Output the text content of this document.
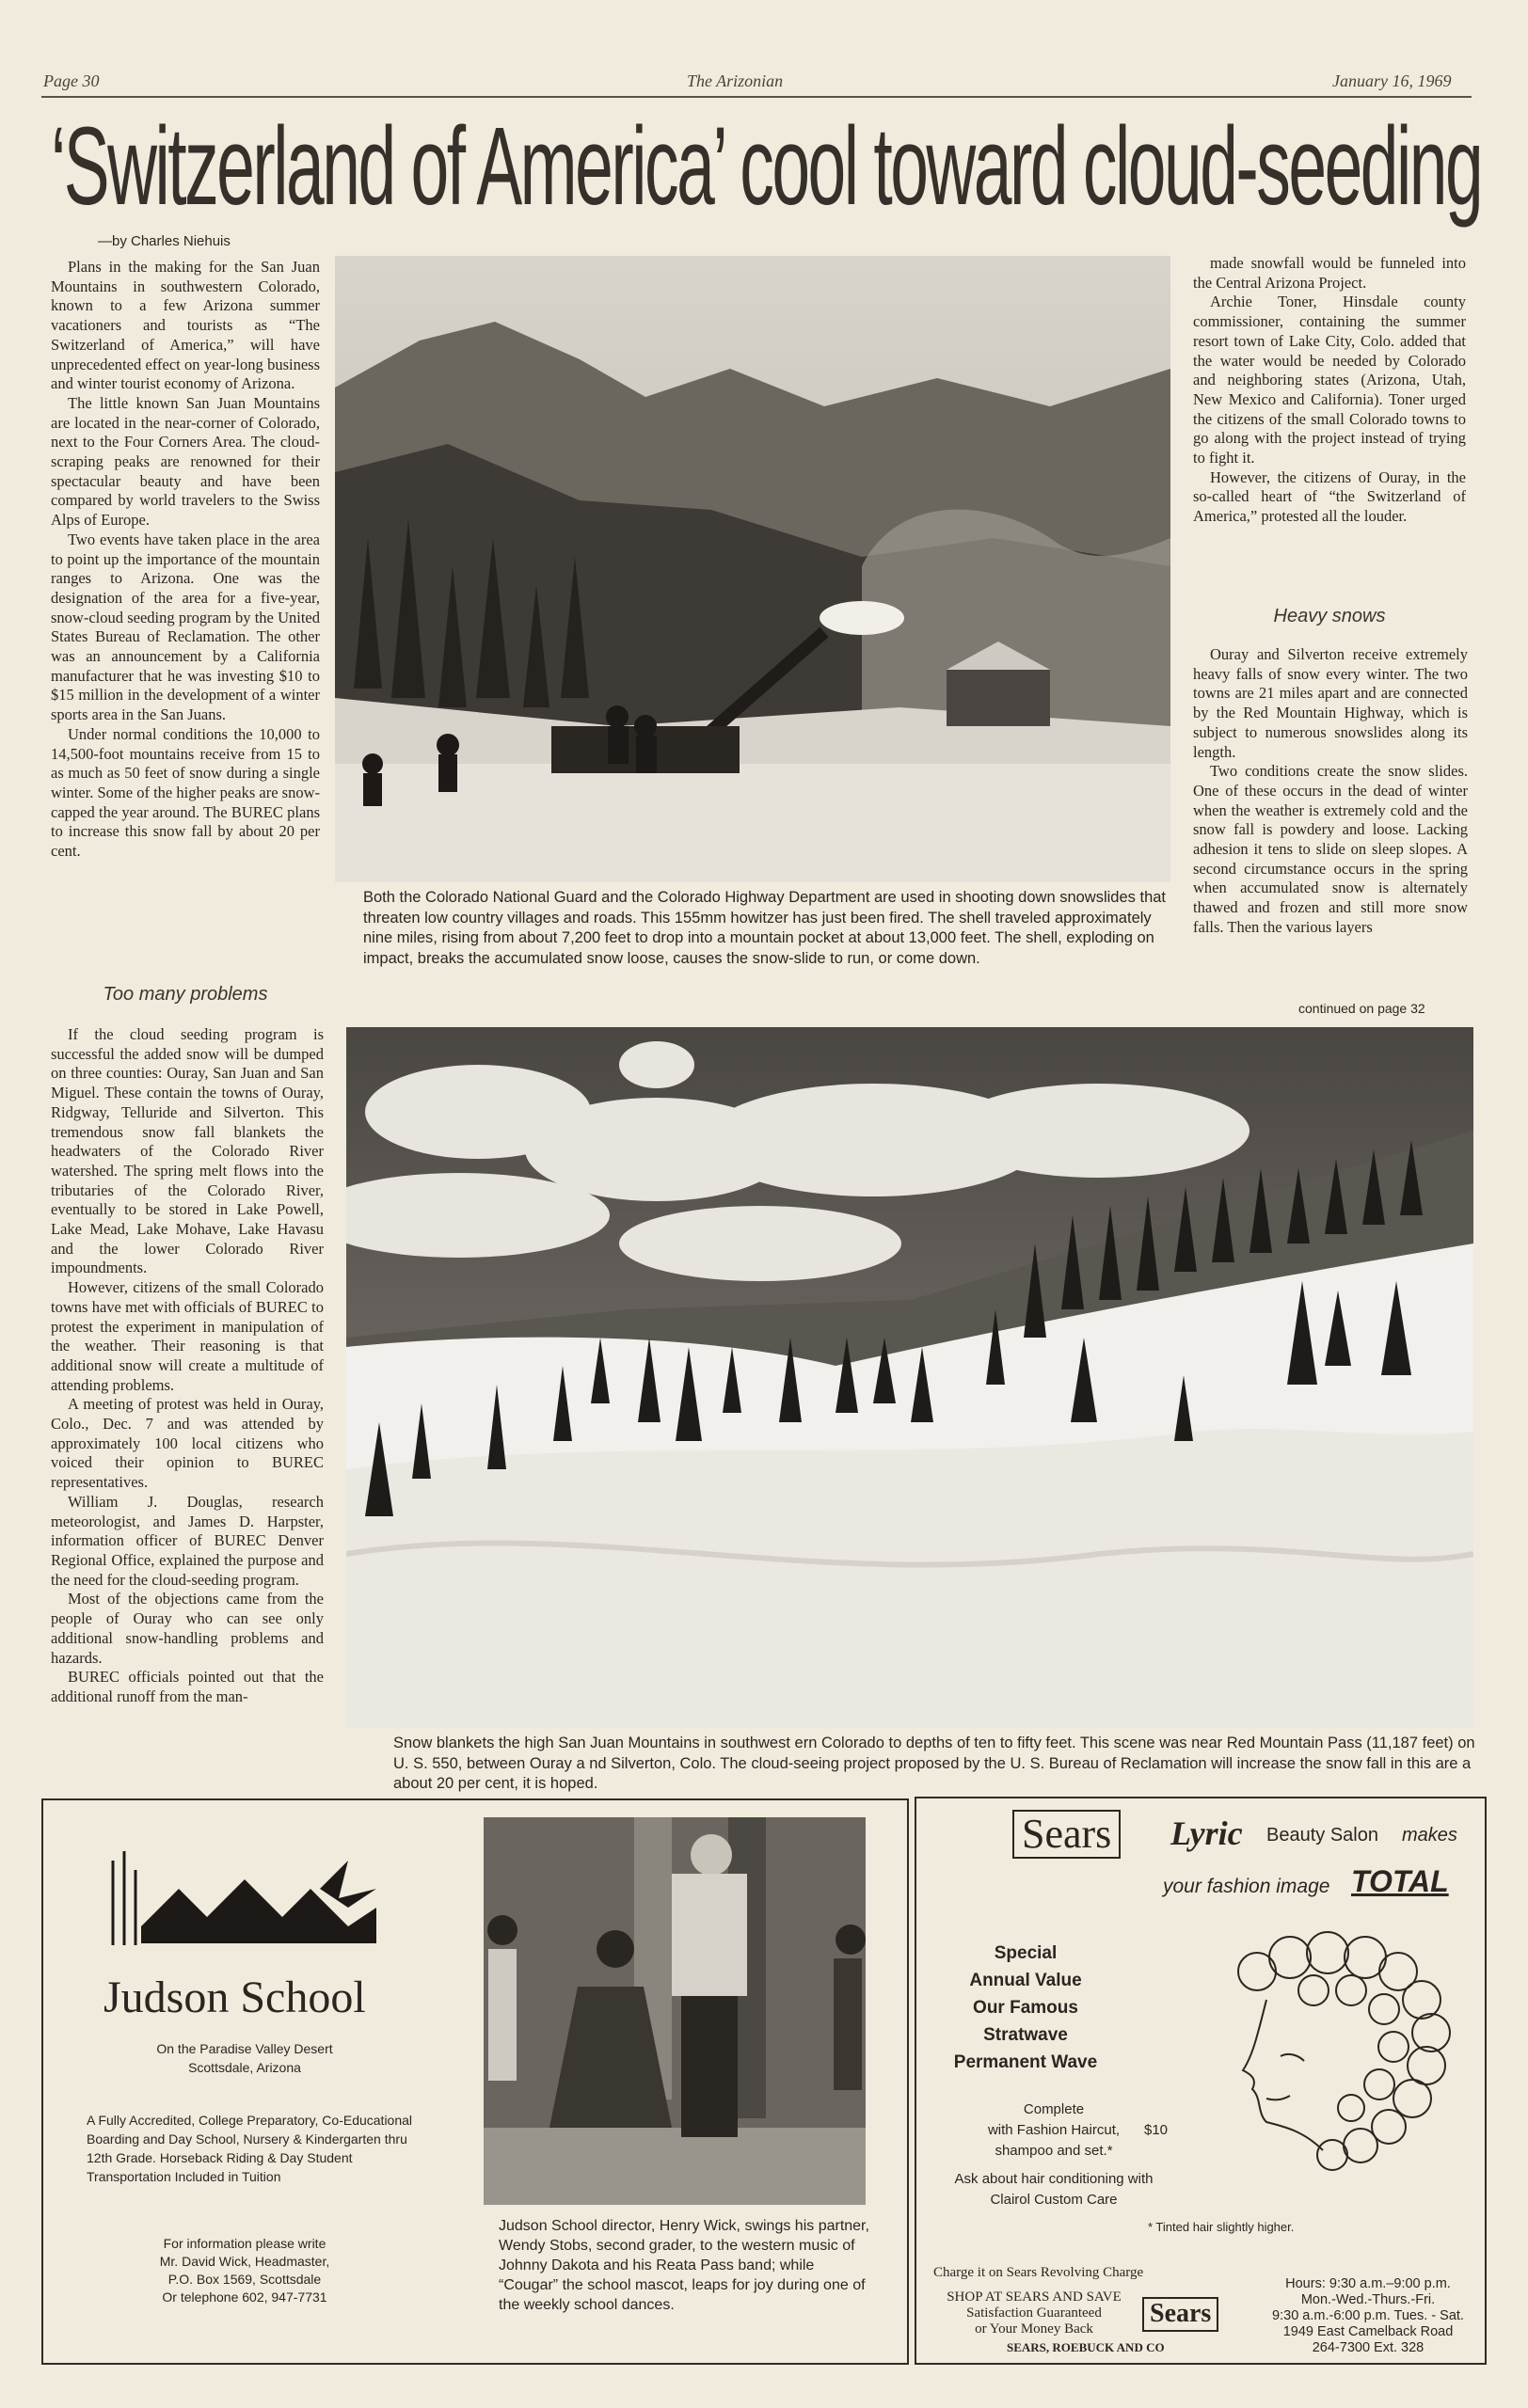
Page 30	The Arizonian	January 16, 1969
‘Switzerland of America’ cool toward cloud-seeding
—by Charles Niehuis

Plans in the making for the San Juan Mountains in southwestern Colorado, known to a few Arizona summer vacationers and tourists as “The Switzerland of America,” will have unprecedented effect on year-long business and winter tourist economy of Arizona.

The little known San Juan Mountains are located in the near-corner of Colorado, next to the Four Corners Area. The cloud-scraping peaks are renowned for their spectacular beauty and have been compared by world travelers to the Swiss Alps of Europe.

Two events have taken place in the area to point up the importance of the mountain ranges to Arizona. One was the designation of the area for a five-year, snow-cloud seeding program by the United States Bureau of Reclamation. The other was an announcement by a California manufacturer that he was investing $10 to $15 million in the development of a winter sports area in the San Juans.

Under normal conditions the 10,000 to 14,500-foot mountains receive from 15 to as much as 50 feet of snow during a single winter. Some of the higher peaks are snow-capped the year around. The BUREC plans to increase this snow fall by about 20 per cent.

Too many problems

If the cloud seeding program is successful the added snow will be dumped on three counties: Ouray, San Juan and San Miguel. These contain the towns of Ouray, Ridgway, Telluride and Silverton. This tremendous snow fall blankets the headwaters of the Colorado River watershed. The spring melt flows into the tributaries of the Colorado River, eventually to be stored in Lake Powell, Lake Mead, Lake Mohave, Lake Havasu and the lower Colorado River impoundments.

However, citizens of the small Colorado towns have met with officials of BUREC to protest the experiment in manipulation of the weather. Their reasoning is that additional snow will create a multitude of attending problems.

A meeting of protest was held in Ouray, Colo., Dec. 7 and was attended by approximately 100 local citizens who voiced their opinion to BUREC representatives.

William J. Douglas, research meteorologist, and James D. Harpster, information officer of BUREC Denver Regional Office, explained the purpose and the need for the cloud-seeding program.

Most of the objections came from the people of Ouray who can see only additional snow-handling problems and hazards.

BUREC officials pointed out that the additional runoff from the man-

Both the Colorado National Guard and the Colorado Highway Department are used in shooting down snowslides that threaten low country villages and roads. This 155mm howitzer has just been fired. The shell traveled approximately nine miles, rising from about 7,200 feet to drop into a mountain pocket at about 13,000 feet. The shell, exploding on impact, breaks the accumulated snow loose, causes the snow-slide to run, or come down.

made snowfall would be funneled into the Central Arizona Project.

Archie Toner, Hinsdale county commissioner, containing the summer resort town of Lake City, Colo. added that the water would be needed by Colorado and neighboring states (Arizona, Utah, New Mexico and California). Toner urged the citizens of the small Colorado towns to go along with the project instead of trying to fight it.

However, the citizens of Ouray, in the so-called heart of “the Switzerland of America,” protested all the louder.

Heavy snows

Ouray and Silverton receive extremely heavy falls of snow every winter. The two towns are 21 miles apart and are connected by the Red Mountain Highway, which is subject to numerous snowslides along its length.

Two conditions create the snow slides. One of these occurs in the dead of winter when the weather is extremely cold and the snow fall is powdery and loose. Lacking adhesion it tens to slide on sleep slopes. A second circumstance occurs in the spring when accumulated snow is alternately thawed and frozen and still more snow falls. Then the various layers

continued on page 32
Snow blankets the high San Juan Mountains in southwest ern Colorado to depths of ten to fifty feet. This scene was near Red Mountain Pass (11,187 feet) on U. S. 550, between Ouray a nd Silverton, Colo. The cloud-seeing project proposed by the U. S. Bureau of Reclamation will increase the snow fall in this are a about 20 per cent, it is hoped.
Judson School
On the Paradise Valley Desert
Scottsdale, Arizona
A Fully Accredited, College Preparatory, Co-Educational Boarding and Day School, Nursery & Kindergarten thru 12th Grade. Horseback Riding & Day Student Transportation Included in Tuition
For information please write
Mr. David Wick, Headmaster,
P.O. Box 1569, Scottsdale
Or telephone 602, 947-7731
Judson School director, Henry Wick, swings his partner, Wendy Stobs, second grader, to the western music of Johnny Dakota and his Reata Pass band; while “Cougar” the school mascot, leaps for joy during one of the weekly school dances.
Sears Lyric Beauty Salon makes
your fashion image TOTAL
Special
Annual Value
Our Famous
Stratwave
Permanent Wave
Complete
with Fashion Haircut,
shampoo and set.*
$10
Ask about hair conditioning with
Clairol Custom Care
* Tinted hair slightly higher.
Charge it on Sears Revolving Charge
SHOP AT SEARS AND SAVE
Satisfaction Guaranteed
or Your Money Back
Sears
SEARS, ROEBUCK AND CO
Hours: 9:30 a.m.–9:00 p.m.
Mon.-Wed.-Thurs.-Fri.
9:30 a.m.-6:00 p.m. Tues. - Sat.
1949 East Camelback Road
264-7300 Ext. 328
